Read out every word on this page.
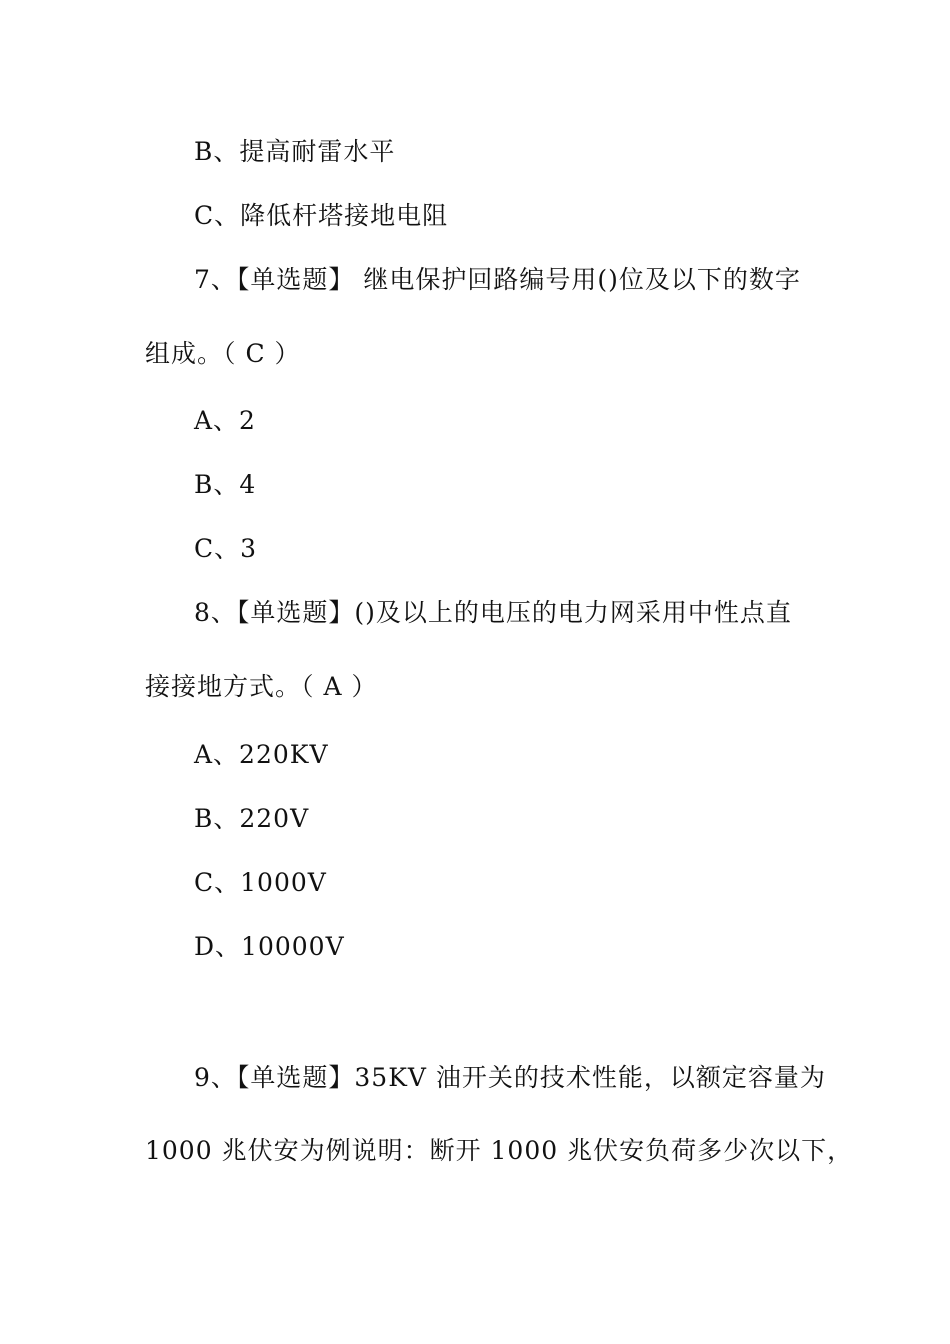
B、提高耐雷水平
C、降低杆塔接地电阻
7、【单选题】 继电保护回路编号用()位及以下的数字
组成。（ C ）
A、2
B、4
C、3
8、【单选题】()及以上的电压的电力网采用中性点直
接接地方式。（ A ）
A、220KV
B、220V
C、1000V
D、10000V
9、【单选题】35KV 油开关的技术性能，以额定容量为
1000 兆伏安为例说明：断开 1000 兆伏安负荷多少次以下，
